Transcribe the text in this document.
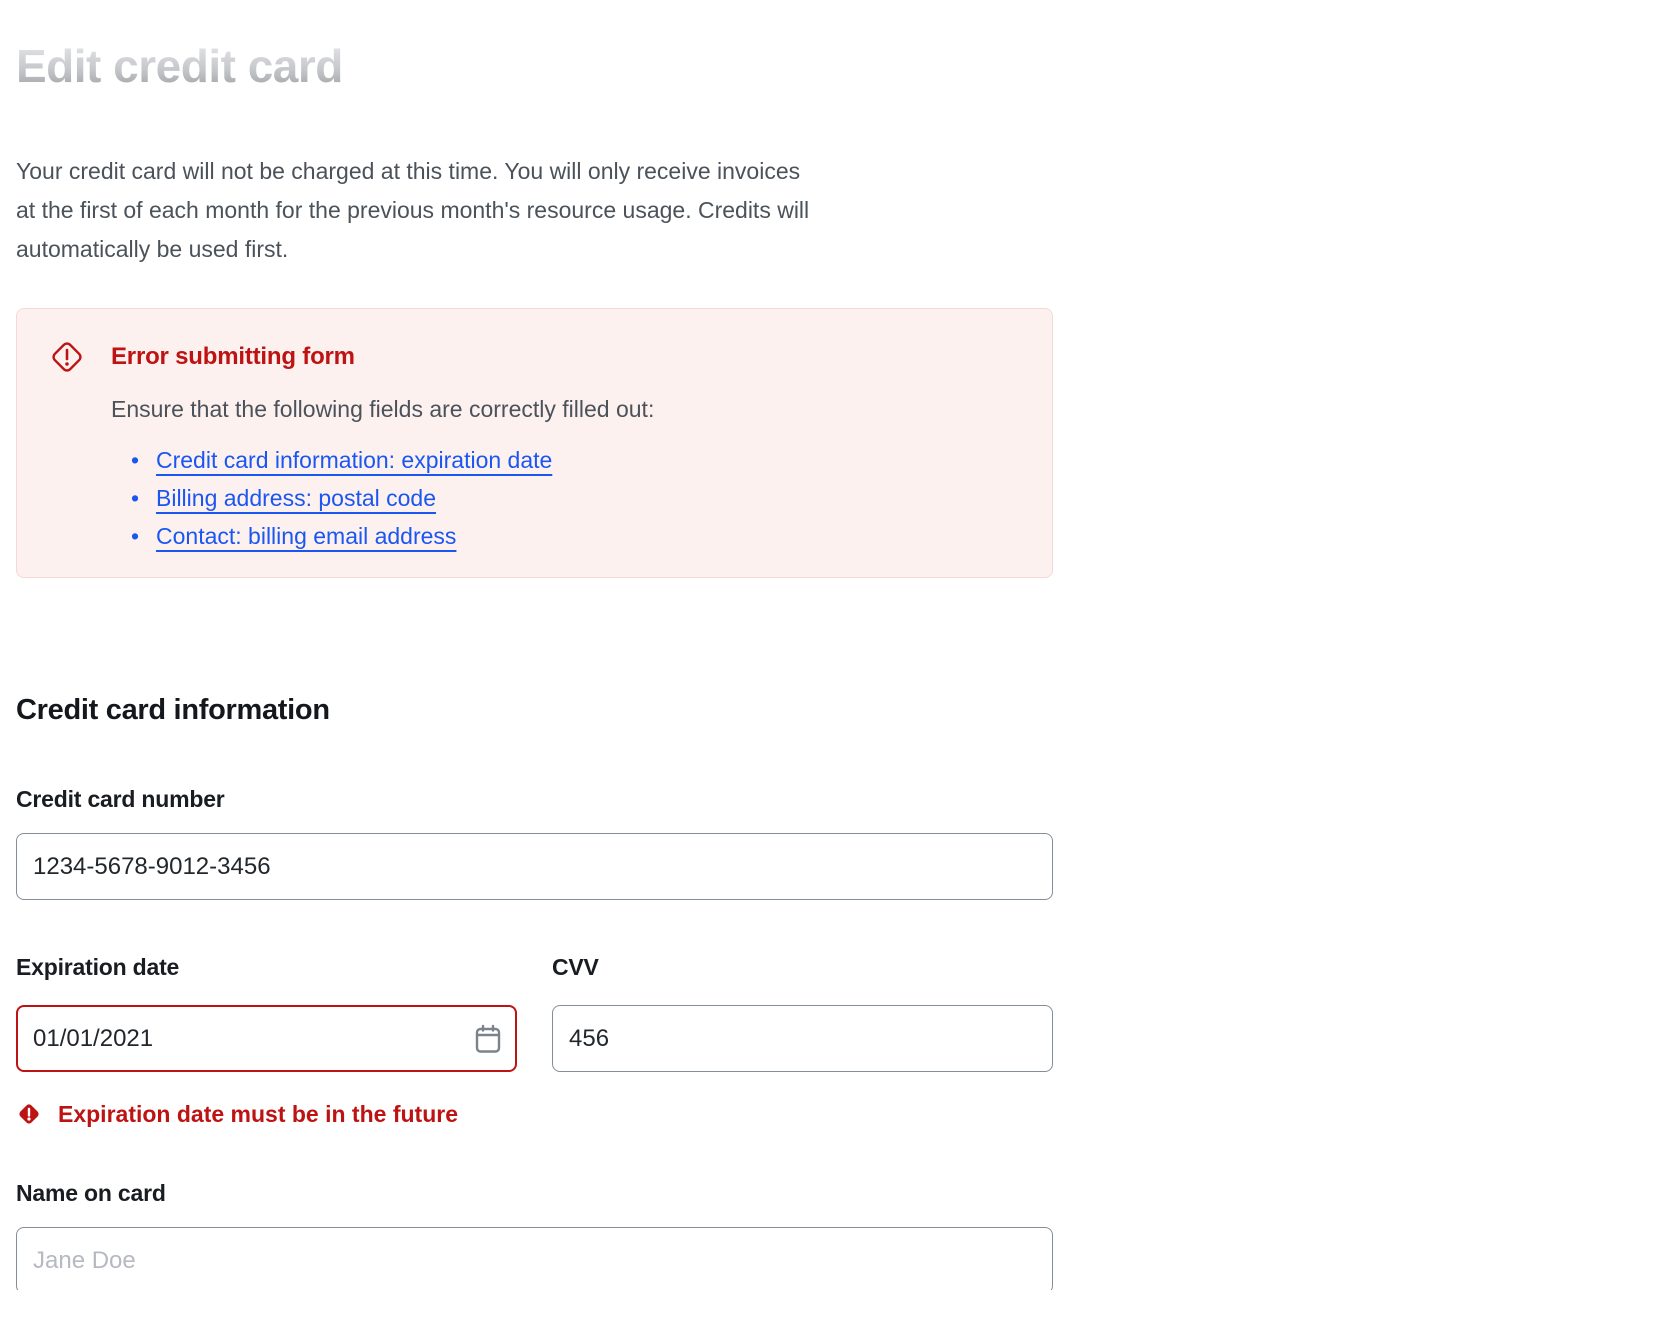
Edit credit card

Your credit card will not be charged at this time. You will only receive invoices
at the first of each month for the previous month's resource usage. Credits will
automatically be used first.

Error submitting form

Ensure that the following fields are correctly filled out:

• Credit card information: expiration date
• Billing address: postal code
• Contact: billing email address
Credit card information
Credit card number
1234-5678-9012-3456
Expiration date
01/01/2021
Expiration date must be in the future
CVV
456
Name on card
Jane Doe
